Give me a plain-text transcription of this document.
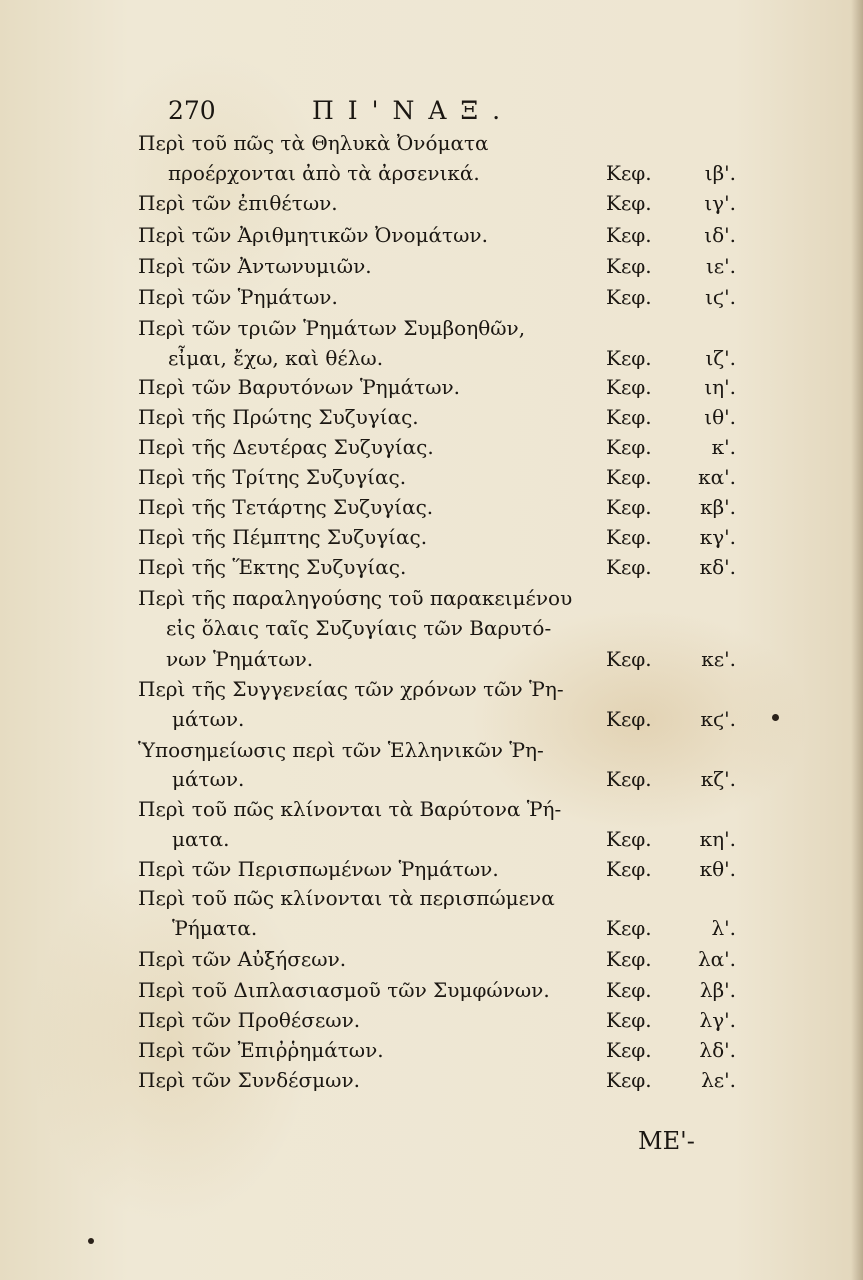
270	ΠΙ'ΝΑΞ.
Περὶ τοῦ πῶς τὰ Θηλυκὰ Ὀνόματα
προέρχονται ἀπὸ τὰ ἀρσενικά.	Κεφ.	ιβ'.
Περὶ τῶν ἐπιθέτων.	Κεφ.	ιγ'.
Περὶ τῶν Ἀριθμητικῶν Ὀνομάτων.	Κεφ.	ιδ'.
Περὶ τῶν Ἀντωνυμιῶν.	Κεφ.	ιε'.
Περὶ τῶν Ῥημάτων.	Κεφ.	ιϛ'.
Περὶ τῶν τριῶν Ῥημάτων Συμβοηθῶν,
εἶμαι, ἔχω, καὶ θέλω.	Κεφ.	ιζ'.
Περὶ τῶν Βαρυτόνων Ῥημάτων.	Κεφ.	ιη'.
Περὶ τῆς Πρώτης Συζυγίας.	Κεφ.	ιθ'.
Περὶ τῆς Δευτέρας Συζυγίας.	Κεφ.	κ'.
Περὶ τῆς Τρίτης Συζυγίας.	Κεφ.	κα'.
Περὶ τῆς Τετάρτης Συζυγίας.	Κεφ.	κβ'.
Περὶ τῆς Πέμπτης Συζυγίας.	Κεφ.	κγ'.
Περὶ τῆς Ἕκτης Συζυγίας.	Κεφ.	κδ'.
Περὶ τῆς παραληγούσης τοῦ παρακειμένου
εἰς ὅλαις ταῖς Συζυγίαις τῶν Βαρυτό-
νων Ῥημάτων.	Κεφ.	κε'.
Περὶ τῆς Συγγενείας τῶν χρόνων τῶν Ῥη-
μάτων.	Κεφ.	κϛ'.
Ὑποσημείωσις περὶ τῶν Ἑλληνικῶν Ῥη-
μάτων.	Κεφ.	κζ'.
Περὶ τοῦ πῶς κλίνονται τὰ Βαρύτονα Ῥή-
ματα.	Κεφ.	κη'.
Περὶ τῶν Περισπωμένων Ῥημάτων.	Κεφ.	κθ'.
Περὶ τοῦ πῶς κλίνονται τὰ περισπώμενα
Ῥήματα.	Κεφ.	λ'.
Περὶ τῶν Αὐξήσεων.	Κεφ.	λα'.
Περὶ τοῦ Διπλασιασμοῦ τῶν Συμφώνων.	Κεφ.	λβ'.
Περὶ τῶν Προθέσεων.	Κεφ.	λγ'.
Περὶ τῶν Ἐπιῤῥημάτων.	Κεφ.	λδ'.
Περὶ τῶν Συνδέσμων.	Κεφ.	λε'.
ΜΕ'-
